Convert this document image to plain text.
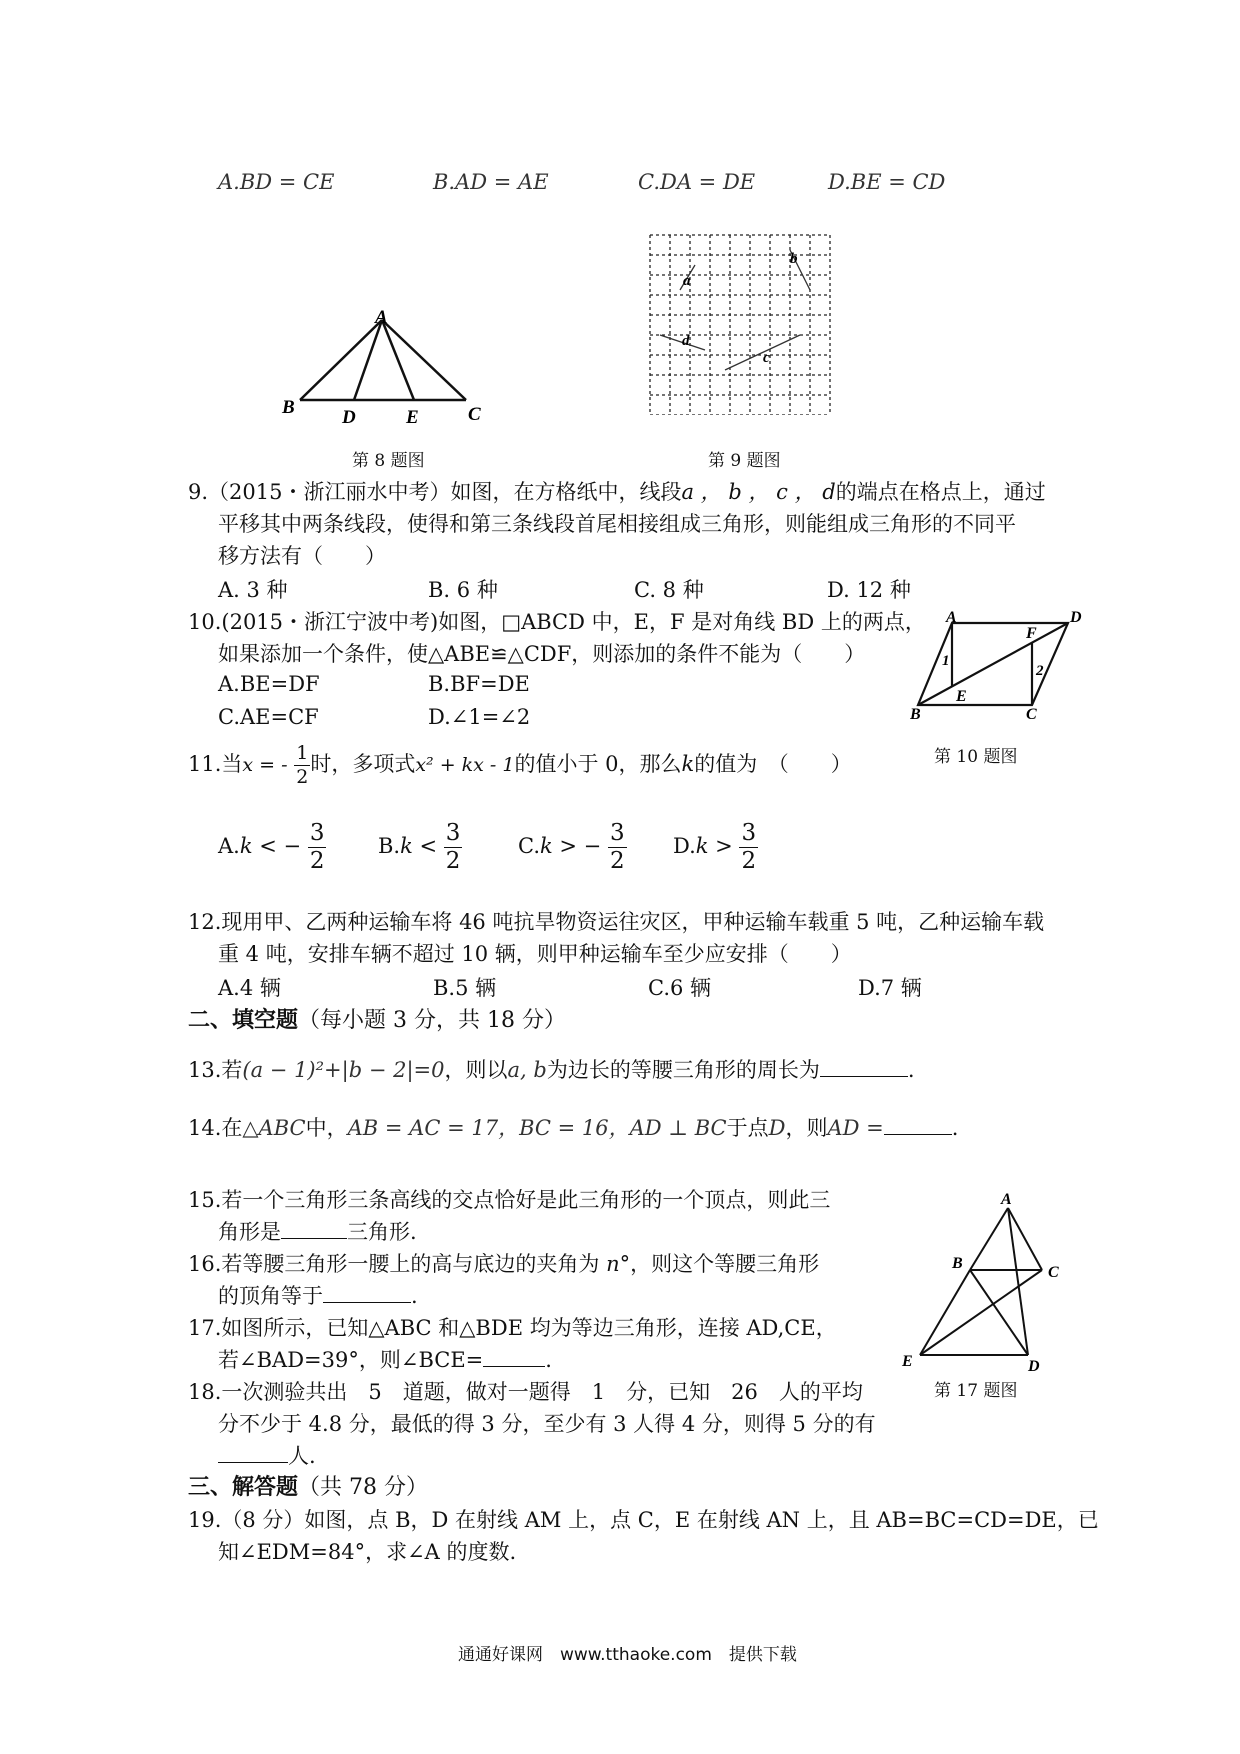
A.BD = CE	B.AD = AE	C.DA = DE	D.BE = CD
A
B D	E	C
第 8 题图
a
b
d
c
第 9 题图
9.（2015・浙江丽水中考）如图，在方格纸中，线段a ， b ， c ， d的端点在格点上，通过
平移其中两条线段，使得和第三条线段首尾相接组成三角形，则能组成三角形的不同平
移方法有（　　）
A. 3 种	B. 6 种	C. 8 种	D. 12 种
10.(2015・浙江宁波中考)如图，□ABCD 中，E，F 是对角线 BD 上的两点，
如果添加一个条件，使△ABE≌△CDF，则添加的条件不能为（　　）
A.BE=DF	B.BF=DE
C.AE=CF	D.∠1=∠2
A	D
B	C
E
F
1
2
第 10 题图
11.当x = - $\frac{1}{2}$ 时，多项式x² + kx - 1的值小于 0，那么k的值为　（　　）
A.k < − $\frac{3}{2} B.k < \frac{3}{2}$	C.k > − $\frac{3}{2} D.k > \frac{3}{2}$
12.现用甲、乙两种运输车将 46 吨抗旱物资运往灾区，甲种运输车载重 5 吨，乙种运输车载
重 4 吨，安排车辆不超过 10 辆，则甲种运输车至少应安排（　　）
A.4 辆	B.5 辆	C.6 辆	D.7 辆
二、填空题（每小题 3 分，共 18 分）
13.若(a − 1)²+|b − 2|=0，则以a, b为边长的等腰三角形的周长为	.
14.在△ABC中，AB = AC = 17，BC = 16，AD ⊥ BC于点D，则AD =	.
15.若一个三角形三条高线的交点恰好是此三角形的一个顶点，则此三
角形是	三角形.
16.若等腰三角形一腰上的高与底边的夹角为 n°，则这个等腰三角形
的顶角等于	.
17.如图所示，已知△ABC 和△BDE 均为等边三角形，连接 AD,CE，
若∠BAD=39°，则∠BCE=	.
A
B
C
E	D
第 17 题图
18.一次测验共出　5　道题，做对一题得　1　分，已知　26　人的平均
分不少于 4.8 分，最低的得 3 分，至少有 3 人得 4 分，则得 5 分的有
人.
三、解答题（共 78 分）
19.（8 分）如图，点 B，D 在射线 AM 上，点 C，E 在射线 AN 上，且 AB=BC=CD=DE，已
知∠EDM=84°，求∠A 的度数.
通通好课网　www.tthaoke.com　提供下载
